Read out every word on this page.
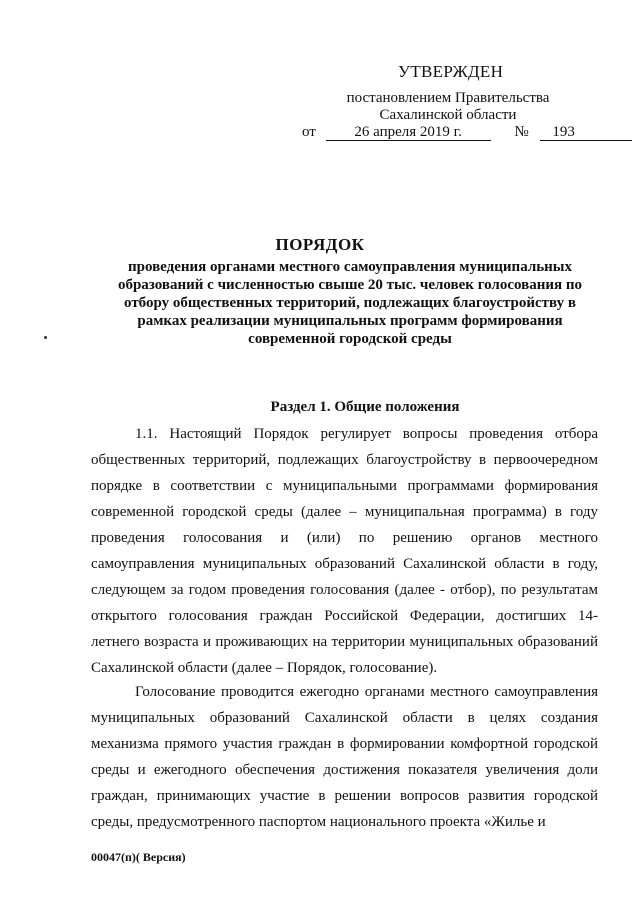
УТВЕРЖДЕН
постановлением Правительства
Сахалинской области
от	26 апреля 2019 г.	№ 193
ПОРЯДОК
проведения органами местного самоуправления муниципальных образований с численностью свыше 20 тыс. человек голосования по отбору общественных территорий, подлежащих благоустройству в рамках реализации муниципальных программ формирования современной городской среды
Раздел 1. Общие положения
1.1. Настоящий Порядок регулирует вопросы проведения отбора общественных территорий, подлежащих благоустройству в первоочередном порядке в соответствии с муниципальными программами формирования современной городской среды (далее – муниципальная программа) в году проведения голосования и (или) по решению органов местного самоуправления муниципальных образований Сахалинской области в году, следующем за годом проведения голосования (далее - отбор), по результатам открытого голосования граждан Российской Федерации, достигших 14-летнего возраста и проживающих на территории муниципальных образований Сахалинской области (далее – Порядок, голосование).
Голосование проводится ежегодно органами местного самоуправления муниципальных образований Сахалинской области в целях создания механизма прямого участия граждан в формировании комфортной городской среды и ежегодного обеспечения достижения показателя увеличения доли граждан, принимающих участие в решении вопросов развития городской среды, предусмотренного паспортом национального проекта «Жилье и
00047(п)( Версия)
